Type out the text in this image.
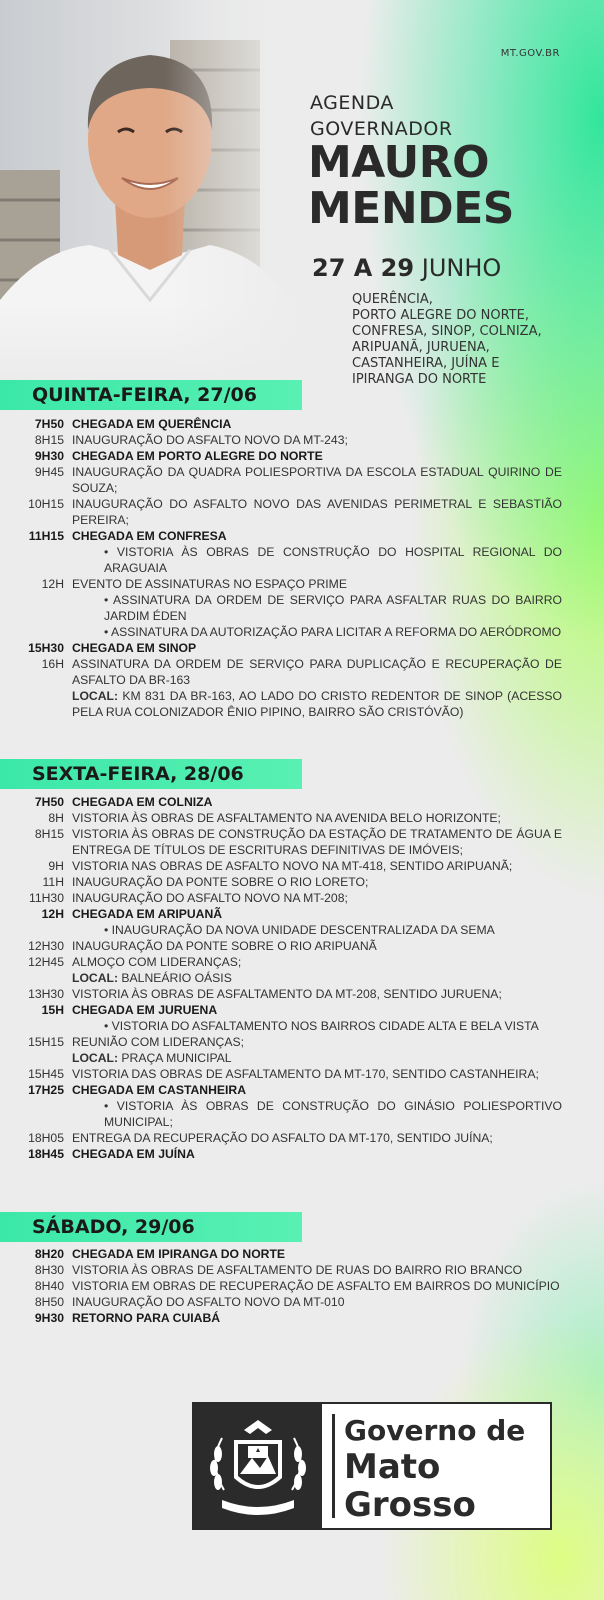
MT.GOV.BR
AGENDA
GOVERNADOR
MAURO
MENDES
27 A 29 JUNHO
QUERÊNCIA,
PORTO ALEGRE DO NORTE,
CONFRESA, SINOP, COLNIZA,
ARIPUANÃ, JURUENA,
CASTANHEIRA, JUÍNA E
IPIRANGA DO NORTE
QUINTA-FEIRA, 27/06
SEXTA-FEIRA, 28/06
SÁBADO, 29/06
7H50 CHEGADA EM QUERÊNCIA
8H15 INAUGURAÇÃO DO ASFALTO NOVO DA MT-243;
9H30 CHEGADA EM PORTO ALEGRE DO NORTE
9H45 INAUGURAÇÃO DA QUADRA POLIESPORTIVA DA ESCOLA ESTADUAL QUIRINO DE SOUZA;
10H15 INAUGURAÇÃO DO ASFALTO NOVO DAS AVENIDAS PERIMETRAL E SEBASTIÃO PEREIRA;
11H15 CHEGADA EM CONFRESA
• VISTORIA ÀS OBRAS DE CONSTRUÇÃO DO HOSPITAL REGIONAL DO ARAGUAIA
12H EVENTO DE ASSINATURAS NO ESPAÇO PRIME
• ASSINATURA DA ORDEM DE SERVIÇO PARA ASFALTAR RUAS DO BAIRRO JARDIM ÉDEN
• ASSINATURA DA AUTORIZAÇÃO PARA LICITAR A REFORMA DO AERÓDROMO
15H30 CHEGADA EM SINOP
16H ASSINATURA DA ORDEM DE SERVIÇO PARA DUPLICAÇÃO E RECUPERAÇÃO DE ASFALTO DA BR-163
LOCAL: KM 831 DA BR-163, AO LADO DO CRISTO REDENTOR DE SINOP (ACESSO PELA RUA COLONIZADOR ÊNIO PIPINO, BAIRRO SÃO CRISTÓVÃO)
7H50 CHEGADA EM COLNIZA
8H VISTORIA ÀS OBRAS DE ASFALTAMENTO NA AVENIDA BELO HORIZONTE;
8H15 VISTORIA ÀS OBRAS DE CONSTRUÇÃO DA ESTAÇÃO DE TRATAMENTO DE ÁGUA E ENTREGA DE TÍTULOS DE ESCRITURAS DEFINITIVAS DE IMÓVEIS;
9H VISTORIA NAS OBRAS DE ASFALTO NOVO NA MT-418, SENTIDO ARIPUANÃ;
11H INAUGURAÇÃO DA PONTE SOBRE O RIO LORETO;
11H30 INAUGURAÇÃO DO ASFALTO NOVO NA MT-208;
12H CHEGADA EM ARIPUANÃ
• INAUGURAÇÃO DA NOVA UNIDADE DESCENTRALIZADA DA SEMA
12H30 INAUGURAÇÃO DA PONTE SOBRE O RIO ARIPUANÃ
12H45 ALMOÇO COM LIDERANÇAS;
LOCAL: BALNEÁRIO OÁSIS
13H30 VISTORIA ÀS OBRAS DE ASFALTAMENTO DA MT-208, SENTIDO JURUENA;
15H CHEGADA EM JURUENA
• VISTORIA DO ASFALTAMENTO NOS BAIRROS CIDADE ALTA E BELA VISTA
15H15 REUNIÃO COM LIDERANÇAS;
LOCAL: PRAÇA MUNICIPAL
15H45 VISTORIA DAS OBRAS DE ASFALTAMENTO DA MT-170, SENTIDO CASTANHEIRA;
17H25 CHEGADA EM CASTANHEIRA
• VISTORIA ÀS OBRAS DE CONSTRUÇÃO DO GINÁSIO POLIESPORTIVO MUNICIPAL;
18H05 ENTREGA DA RECUPERAÇÃO DO ASFALTO DA MT-170, SENTIDO JUÍNA;
18H45 CHEGADA EM JUÍNA
8H20 CHEGADA EM IPIRANGA DO NORTE
8H30 VISTORIA ÀS OBRAS DE ASFALTAMENTO DE RUAS DO BAIRRO RIO BRANCO
8H40 VISTORIA EM OBRAS DE RECUPERAÇÃO DE ASFALTO EM BAIRROS DO MUNICÍPIO
8H50 INAUGURAÇÃO DO ASFALTO NOVO DA MT-010
9H30 RETORNO PARA CUIABÁ
Governo de
Mato
Grosso
